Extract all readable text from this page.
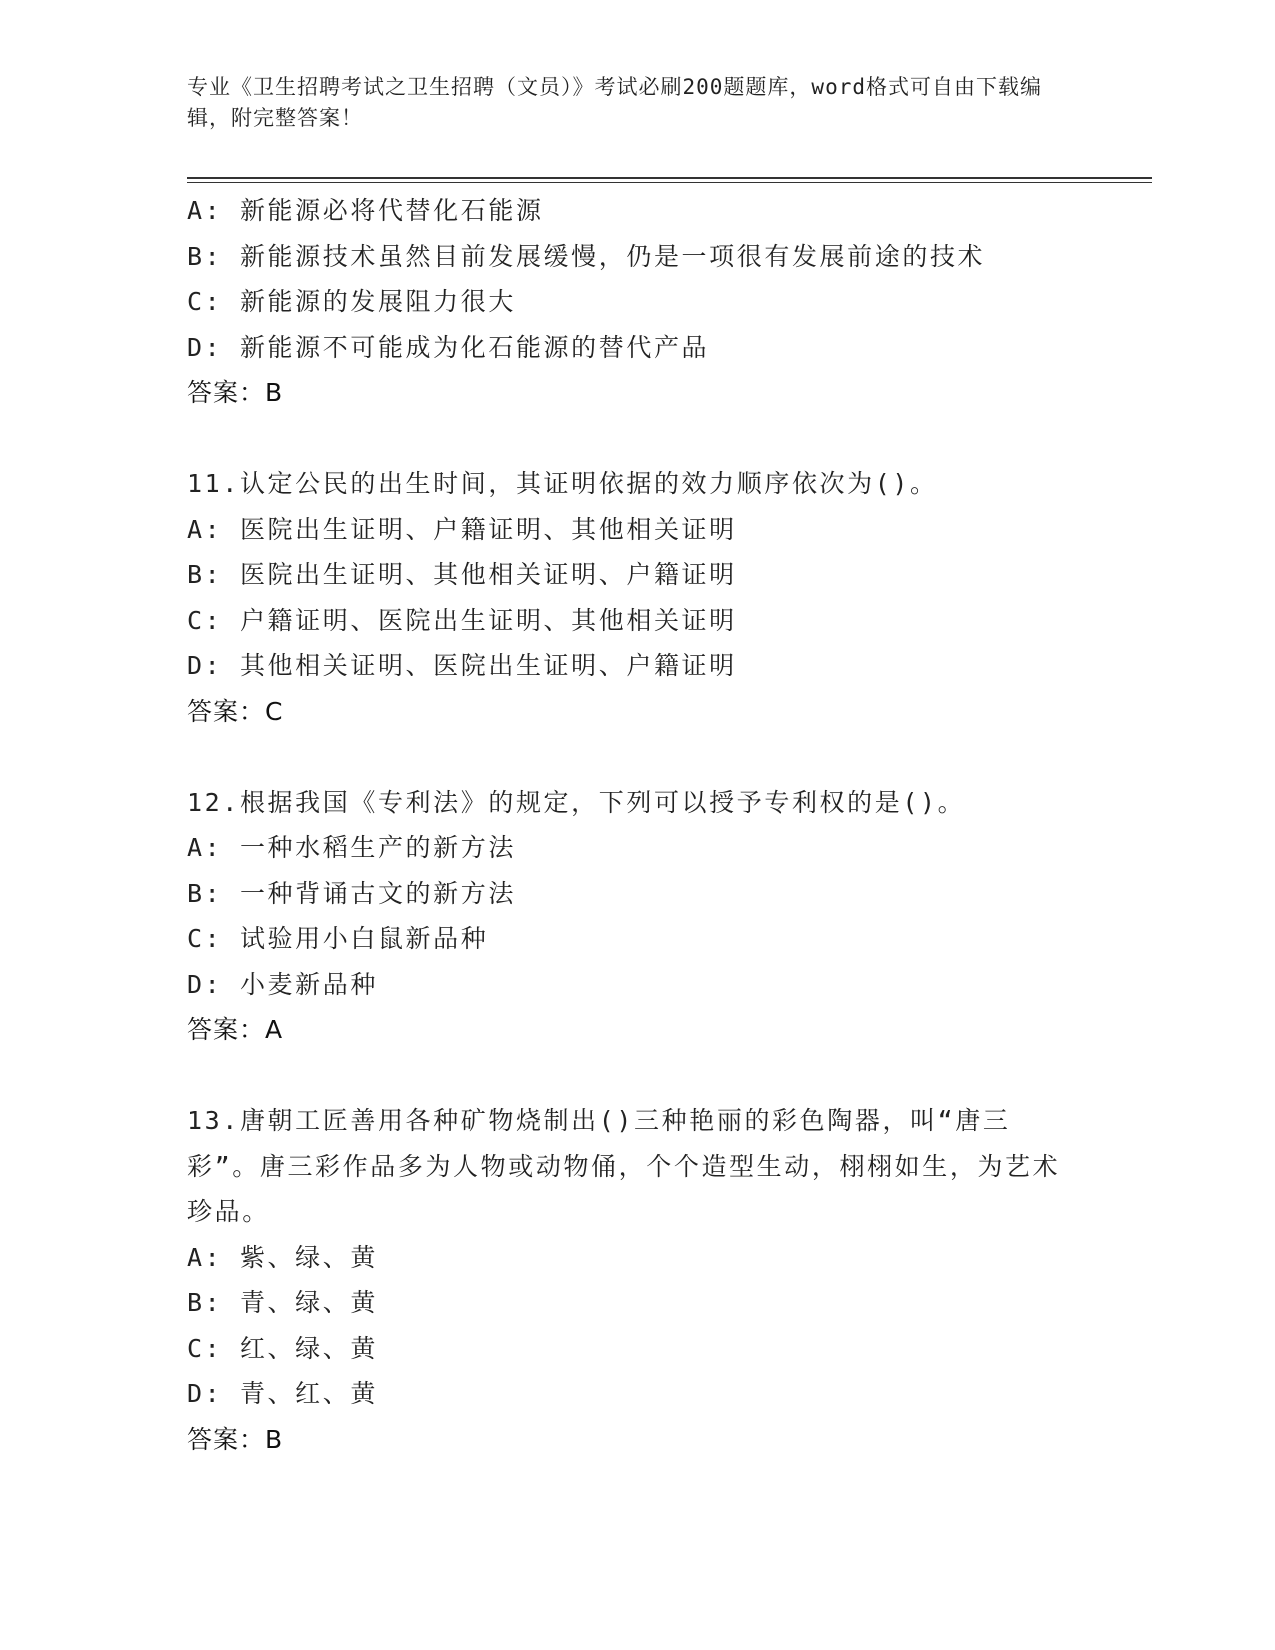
专业《卫生招聘考试之卫生招聘（文员）》考试必刷200题题库，word格式可自由下载编辑，附完整答案！
A: 新能源必将代替化石能源
B: 新能源技术虽然目前发展缓慢，仍是一项很有发展前途的技术
C: 新能源的发展阻力很大
D: 新能源不可能成为化石能源的替代产品
答案：B
11.认定公民的出生时间，其证明依据的效力顺序依次为()。
A: 医院出生证明、户籍证明、其他相关证明
B: 医院出生证明、其他相关证明、户籍证明
C: 户籍证明、医院出生证明、其他相关证明
D: 其他相关证明、医院出生证明、户籍证明
答案：C
12.根据我国《专利法》的规定，下列可以授予专利权的是()。
A: 一种水稻生产的新方法
B: 一种背诵古文的新方法
C: 试验用小白鼠新品种
D: 小麦新品种
答案：A
13.唐朝工匠善用各种矿物烧制出()三种艳丽的彩色陶器，叫“唐三彩”。唐三彩作品多为人物或动物俑，个个造型生动，栩栩如生，为艺术珍品。
A: 紫、绿、黄
B: 青、绿、黄
C: 红、绿、黄
D: 青、红、黄
答案：B
